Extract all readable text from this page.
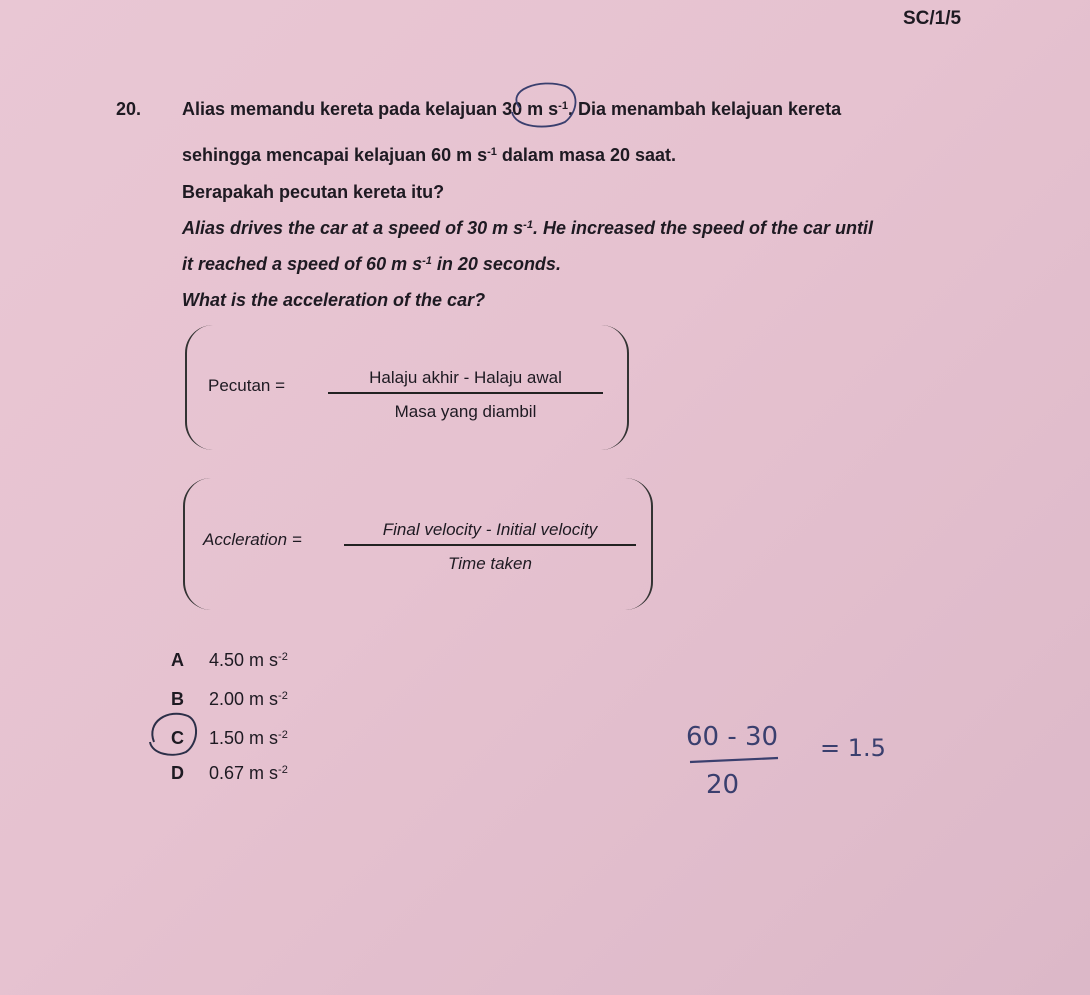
SC/1/5
20. Alias memandu kereta pada kelajuan 30 m $s^{-1}$. Dia menambah kelajuan kereta
sehingga mencapai kelajuan 60 m $s^{-1}$ dalam masa 20 saat.
Berapakah pecutan kereta itu?
Alias drives the car at a speed of 30 m $s^{-1}$. He increased the speed of the car until
it reached a speed of 60 m $s^{-1}$ in 20 seconds.
What is the acceleration of the car?
Pecutan =	Halaju akhir - Halaju awal
Masa yang diambil
Accleration =
Final velocity - Initial velocity
Time taken
A 4.50 m $s^{-2}$
B 2.00 m $s^{-2}$
C 1.50 m $s^{-2}$
D 0.67 m $s^{-2}$
60 - 30
20
= 1.5
